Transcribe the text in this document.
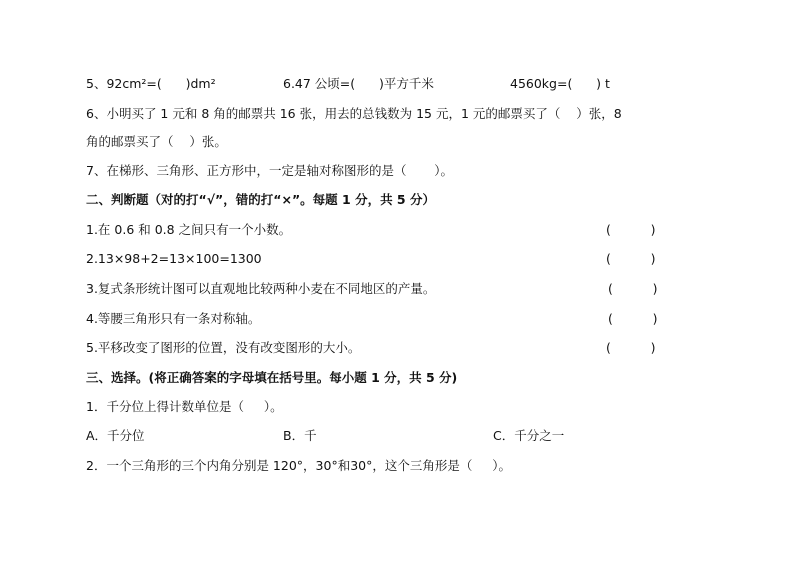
5、92cm²=(      )dm²	6.47 公顷=(      )平方千米	4560kg=(      ) t
6、小明买了 1 元和 8 角的邮票共 16 张，用去的总钱数为 15 元，1 元的邮票买了（    ）张，8
角的邮票买了（    ）张。
7、在梯形、三角形、正方形中，一定是轴对称图形的是（       ）。
二、判断题（对的打“√”，错的打“×”。每题 1 分，共 5 分）
1.在 0.6 和 0.8 之间只有一个小数。	(          )
2.13×98+2=13×100=1300	(          )
3.复式条形统计图可以直观地比较两种小麦在不同地区的产量。	(          )
4.等腰三角形只有一条对称轴。	(          )
5.平移改变了图形的位置，没有改变图形的大小。	(          )
三、选择。(将正确答案的字母填在括号里。每小题 1 分，共 5 分)
1．千分位上得计数单位是（     ）。
A．千分位	B．千	C．千分之一
2．一个三角形的三个内角分别是 120°，30°和30°，这个三角形是（     ）。
